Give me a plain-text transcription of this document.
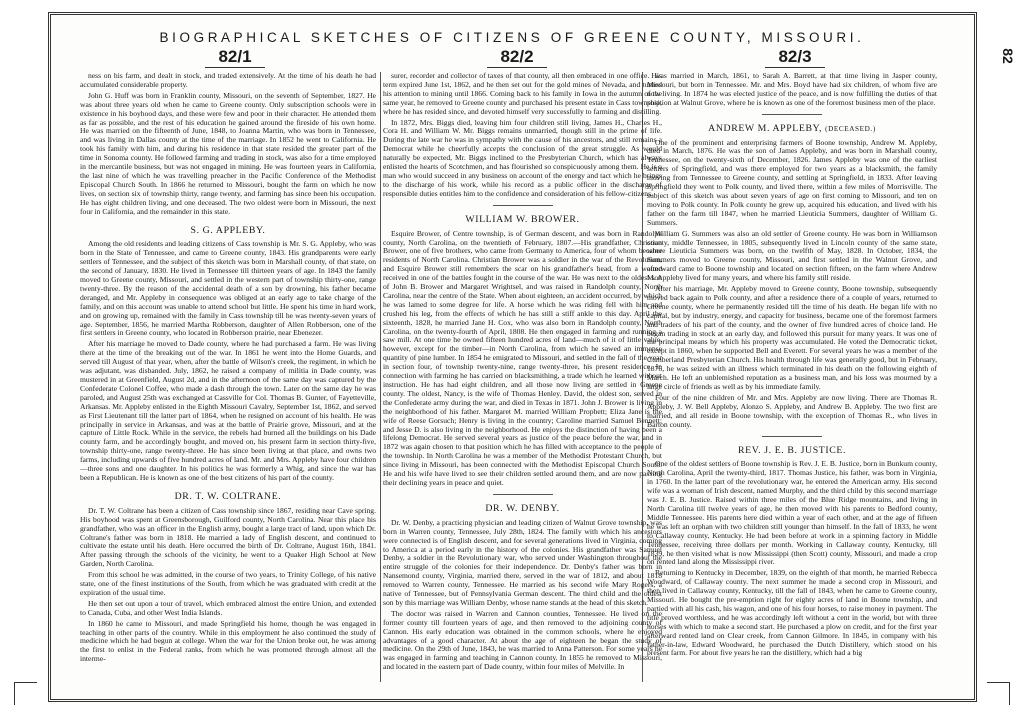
BIOGRAPHICAL SKETCHES OF CITIZENS OF GREENE COUNTY, MISSOURI.
82/1	82/2	82/3	82

ness on his farm, and dealt in stock, and traded extensively. At the time of his death he had accumulated considerable property.

John G. Huff was born in Franklin county, Missouri, on the seventh of September, 1827. He was about three years old when he came to Greene county. Only subscription schools were in existence in his boyhood days, and these were few and poor in their character. He attended them as far as possible, and the rest of his education he gained around the fireside of his own home. He was married on the fifteenth of June, 1848, to Joanna Martin, who was born in Tennessee, and was living in Dallas county at the time of the marriage. In 1852 he went to California. He took his family with him, and during his residence in that state resided the greater part of the time in Sonoma county. He followed farming and trading in stock, was also for a time employed in the mercantile business, but was not engaged in mining. He was fourteen years in California, the last nine of which he was travelling preacher in the Pacific Conference of the Methodist Episcopal Church South. In 1866 he returned to Missouri, bought the farm on which he now lives, on section six of township thirty, range twenty, and farming has since been his occupation. He has eight children living, and one deceased. The two oldest were born in Missouri, the next four in California, and the remainder in this state.

S. G. APPLEBY.

Among the old residents and leading citizens of Cass township is Mr. S. G. Appleby, who was born in the State of Tennessee, and came to Greene county, 1843. His grandparents were early settlers of Tennessee, and the subject of this sketch was born in Marshall county, of that state, on the second of January, 1830. He lived in Tennessee till thirteen years of age. In 1843 the family moved to Greene county, Missouri, and settled in the western part of township thirty-one, range twenty-three. By the reason of the accidental death of a son by drowning, his father became deranged, and Mr. Appleby in consequence was obliged at an early age to take charge of the family, and on this account was unable to attend school but little. He spent his time in hard work, and on growing up, remained with the family in Cass township till he was twenty-seven years of age. September, 1856, he married Martha Robberson, daughter of Allen Robberson, one of the first settlers in Greene county, who located in Robberson prairie, near Ebenezer.

After his marriage he moved to Dade county, where he had purchased a farm. He was living there at the time of the breaking out of the war. In 1861 he went into the Home Guards, and served till August of that year, when, after the battle of Wilson's creek, the regiment, in which he was adjutant, was disbanded. July, 1862, he raised a company of militia in Dade county, was mustered in at Greenfield, August 2d, and in the afternoon of the same day was captured by the Confederate Colonel Coffee, who made a dash through the town. Later on the same day he was paroled, and August 25th was exchanged at Cassville for Col. Thomas B. Gunter, of Fayetteville, Arkansas. Mr. Appleby enlisted in the Eighth Missouri Cavalry, September 1st, 1862, and served as First Lieutenant till the latter part of 1864, when he resigned on account of his health. He was principally in service in Arkansas, and was at the battle of Prairie grove, Missouri, and at the capture of Little Rock. While in the service, the rebels had burned all the buildings on his Dade county farm, and he accordingly bought, and moved on, his present farm in section thirty-five, township thirty-one, range twenty-three. He has since been living at that place, and owns two farms, including upwards of five hundred acres of land. Mr. and Mrs. Appleby have four children—three sons and one daughter. In his politics he was formerly a Whig, and since the war has been a Republican. He is known as one of the best citizens of his part of the county.

DR. T. W. COLTRANE.

Dr. T. W. Coltrane has been a citizen of Cass township since 1867, residing near Cave spring. His boyhood was spent at Greensborough, Guilford county, North Carolina. Near this place his grandfather, who was an officer in the English army, bought a large tract of land, upon which Dr. Coltrane's father was born in 1818. He married a lady of English descent, and continued to cultivate the estate until his death. Here occurred the birth of Dr. Coltrane, August 16th, 1841. After passing through the schools of the vicinity, he went to a Quaker High School at New Garden, North Carolina.

From this school he was admitted, in the course of two years, to Trinity College, of his native state, one of the finest institutions of the South, from which he was graduated with credit at the expiration of the usual time.

He then set out upon a tour of travel, which embraced almost the entire Union, and extended to Canada, Cuba, and other West India Islands.

In 1860 he came to Missouri, and made Springfield his home, though he was engaged in teaching in other parts of the country. While in this employment he also continued the study of medicine which he had begun at college. When the war for the Union broke out, he was among the first to enlist in the Federal ranks, from which he was promoted through almost all the interme-

surer, recorder and collector of taxes of that county, all then embraced in one office. His term expired June 1st, 1862, and he then set out for the gold mines of Nevada, and turned his attention to mining until 1866. Coming back to his family in Iowa in the autumn of the same year, he removed to Greene county and purchased his present estate in Cass township, where he has resided since, and devoted himself very successfully to farming and distilling.

In 1872, Mrs. Biggs died, leaving him four children still living, James H., Charles H., Cora H. and William W. Mr. Biggs remains unmarried, though still in the prime of life. During the late war he was in sympathy with the cause of his ancestors, and still remains a Democrat while he cheerfully accepts the conclusion of the great struggle. As would naturally be expected, Mr. Biggs inclined to the Presbyterian Church, which has always enlisted the hearts of Scotchmen, and has flourished so conspicuously among them. He is a man who would succeed in any business on account of the energy and tact which he brings to the discharge of his work, while his record as a public officer in the discharge of responsible duties entitles him to the confidence and consideration of his fellow-citizens.

WILLIAM W. BROWER.

Esquire Brower, of Centre township, is of German descent, and was born in Randolph county, North Carolina, on the twentieth of February, 1807.—His grandfather, Christian Brower, one of five brothers, who came from Germany to America, four of whom became residents of North Carolina. Christian Brower was a soldier in the war of the Revolution, and Esquire Brower still remembers the scar on his grandfather's head, from a wound received in one of the battles fought in the course of the war. He was next to the oldest son of John B. Brower and Margaret Wrightsel, and was raised in Randolph county, North Carolina, near the centre of the State. When about eighteen, an accident occurred, by which he was lamed to some degree for life. A horse which he was riding fell with him and crushed his leg, from the effects of which he has still a stiff ankle to this day. April the sixteenth, 1828, he married Jane H. Cox, who was also born in Randolph county, North Carolina, on the twenty-fourth of April, 1808. He then engaged in farming and running a saw mill. At one time he owned fifteen hundred acres of land—much of it of little value, however, except for the timber—in North Carolina, from which he sawed an immense quantity of pine lumber. In 1854 he emigrated to Missouri, and settled in the fall of the year in section four, of township twenty-nine, range twenty-three, his present residence. In connection with farming he has carried on blacksmithing, a trade which he learned without instruction. He has had eight children, and all those now living are settled in Greene county. The oldest, Nancy, is the wife of Thomas Henley. David, the oldest son, served in the Confederate army during the war, and died in Texas in 1871. John J. Brower is living in the neighborhood of his father. Margaret M. married William Prophett; Eliza Jane is the wife of Reese Gorsuch; Henry is living in the country; Caroline married Samuel Bennett; and Jesse D. is also living in the neighborhood. He enjoys the distinction of having been a lifelong Democrat. He served several years as justice of the peace before the war, and in 1872 was again chosen to that position which he has filled with acceptance to the people of the township. In North Carolina he was a member of the Methodist Protestant Church, but since living in Missouri, has been connected with the Methodist Episcopal Church South. He and his wife have lived to see their children settled around them, and are now passing their declining years in peace and quiet.

DR. W. DENBY.

Dr. W. Denby, a practicing physician and leading citizen of Walnut Grove township, was born in Warren county, Tennessee, July 28th, 1824. The family with which his ancestors were connected is of English descent, and for several generations lived in Virginia, coming to America at a period early in the history of the colonies. His grandfather was Samuel Denby, a soldier in the Revolutionary war, who served under Washington throughout the entire struggle of the colonies for their independence. Dr. Denby's father was born in Nansemond county, Virginia, married there, served in the war of 1812, and about 1818 removed to Warren county, Tennessee. He married as his second wife Mary Rogers, a native of Tennessee, but of Pennsylvania German descent. The third child and the oldest son by this marriage was William Denby, whose name stands at the head of this sketch.

The doctor was raised in Warren and Cannon counties, Tennessee. He lived on the former county till fourteen years of age, and then removed to the adjoining county of Cannon. His early education was obtained in the common schools, where he enjoyed advantages of a good character. At about the age of eighteen he began the study of medicine. On the 29th of June, 1843, he was married to Anna Patterson. For some years he was engaged in farming and teaching in Cannon county. In 1855 he removed to Missouri, and located in the eastern part of Dade county, within four miles of Melville. In

was married in March, 1861, to Sarah A. Barrett, at that time living in Jasper county, Missouri, but born in Tennessee. Mr. and Mrs. Boyd have had six children, of whom five are now living. In 1874 he was elected justice of the peace, and is now fulfilling the duties of that position at Walnut Grove, where he is known as one of the foremost business men of the place.

ANDREW M. APPLEBY, (DECEASED.)

One of the prominent and enterprising farmers of Boone township, Andrew M. Appleby, died in March, 1876. He was the son of James Appleby, and was born in Marshall county, Tennessee, on the twenty-sixth of December, 1826. James Appleby was one of the earliest settlers of Springfield, and was there employed for two years as a blacksmith, the family moving from Tennessee to Greene county, and settling at Springfield, in 1833. After leaving Springfield they went to Polk county, and lived there, within a few miles of Morrisville. The subject of this sketch was about seven years of age on first coming to Missouri, and ten on moving to Polk county. In Polk county he grew up, acquired his education, and lived with his father on the farm till 1847, when he married Lieuticia Summers, daughter of William G. Summers.

William G. Summers was also an old settler of Greene county. He was born in Williamson county, middle Tennessee, in 1805, subsequently lived in Lincoln county of the same state, where Lieuticia Summers was born, on the twelfth of May, 1828. In October, 1834, the Summers moved to Greene county, Missouri, and first settled in the Walnut Grove, and afterward came to Boone township and located on section fifteen, on the farm where Andrew M. Appleby lived for many years, and where his family still reside.

After his marriage, Mr. Appleby moved to Greene county, Boone township, subsequently moved back again to Polk county, and after a residence there of a couple of years, returned to Greene county, where he permanently resided till the time of his death. He began life with no capital, but by industry, energy, and capacity for business, became one of the foremost farmers and traders of his part of the county, and the owner of five hundred acres of choice land. He began trading in stock at an early day, and followed this pursuit for many years. It was one of the principal means by which his property was accumulated. He voted the Democratic ticket, except in 1860, when he supported Bell and Everett. For several years he was a member of the Cumberland Presbyterian Church. His health through life was generally good, but in February, 1876, he was seized with an illness which terminated in his death on the following eighth of March. He left an unblemished reputation as a business man, and his loss was mourned by a large circle of friends as well as by his immediate family.

Four of the nine children of Mr. and Mrs. Appleby are now living. There are Thomas R. Appleby, J. W. Bell Appleby, Alonzo S. Appleby, and Andrew B. Appleby. The two first are married, and all reside in Boone township, with the exception of Thomas R., who lives in Barton county.

REV. J. E. B. JUSTICE.

One of the oldest settlers of Boone township is Rev. J. E. B. Justice, born in Bunkum county, North Carolina, April the twenty-third, 1817. Thomas Justice, his father, was born in Virginia, in 1760. In the latter part of the revolutionary war, he entered the American army. His second wife was a woman of Irish descent, named Murphy, and the third child by this second marriage was J. E. B. Justice. Raised within three miles of the Blue Ridge mountains, and living in North Carolina till twelve years of age, he then moved with his parents to Bedford county, Middle Tennessee. His parents here died within a year of each other, and at the age of fifteen he was left an orphan with two children still younger than himself. In the fall of 1833, he went to Callaway county, Kentucky. He had been before at work in a spinning factory in Middle Tennessee, receiving three dollars per month. Working in Callaway county, Kentucky, till 1839, he then visited what is now Mississippi (then Scott) county, Missouri, and made a crop on rented land along the Mississippi river.

Returning to Kentucky in December, 1839, on the eighth of that month, he married Rebecca Woodward, of Callaway county. The next summer he made a second crop in Missouri, and then lived in Callaway county, Kentucky, till the fall of 1843, when he came to Greene county, Missouri. He bought the pre-emption right for eighty acres of land in Boone township, and partied with all his cash, his wagon, and one of his four horses, to raise money in payment. The title proved worthless, and he was accordingly left without a cent in the world, but with three horses with which to make a second start. He purchased a plow on credit, and for the first year afterward rented land on Clear creek, from Cannon Gilmore. In 1845, in company with his father-in-law, Edward Woodward, he purchased the Dutch Distillery, which stood on his present farm. For about five years he ran the distillery, which had a big
